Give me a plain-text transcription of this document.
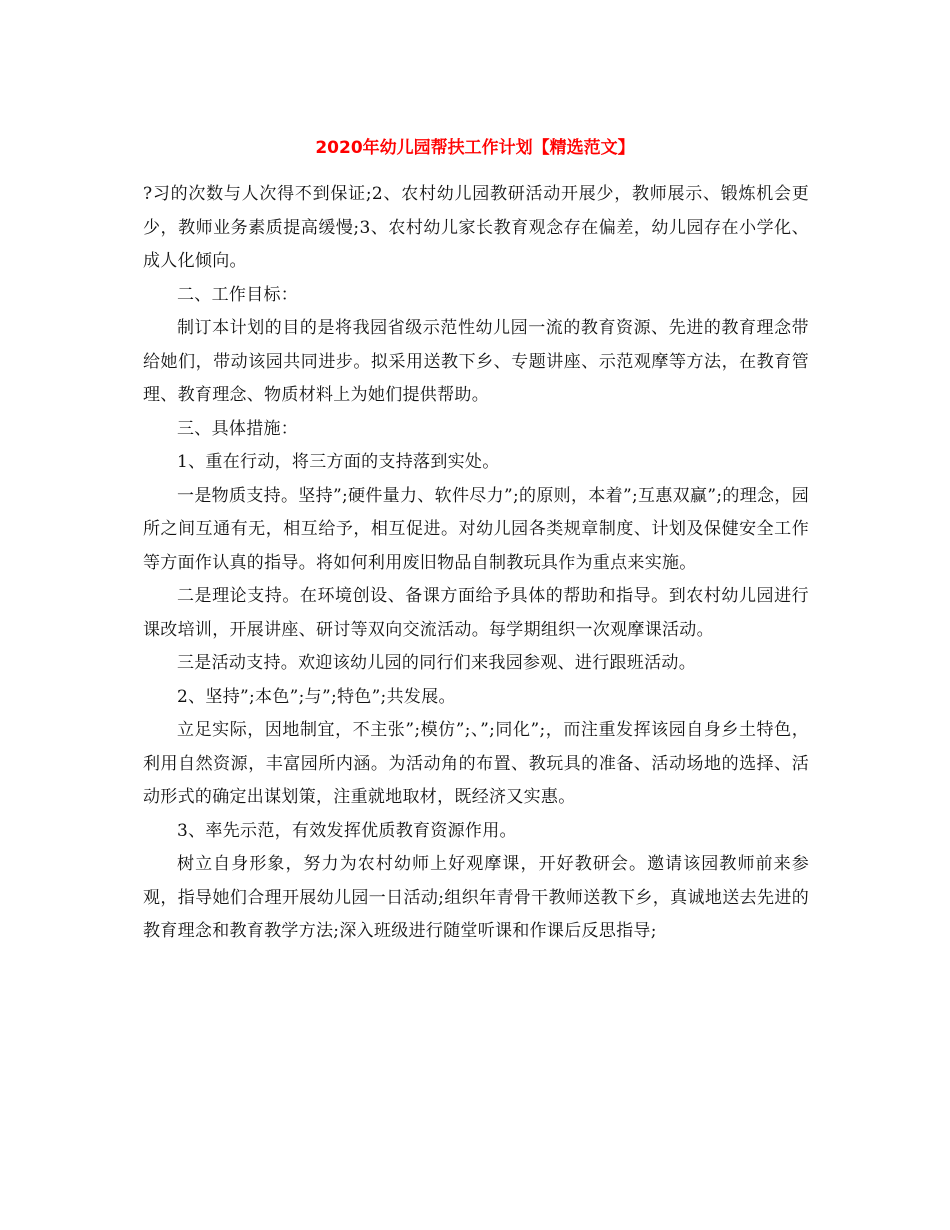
2020年幼儿园帮扶工作计划【精选范文】

?习的次数与人次得不到保证;2、农村幼儿园教研活动开展少，教师展示、锻炼机会更少，教师业务素质提高缓慢;3、农村幼儿家长教育观念存在偏差，幼儿园存在小学化、成人化倾向。

二、工作目标：

制订本计划的目的是将我园省级示范性幼儿园一流的教育资源、先进的教育理念带给她们，带动该园共同进步。拟采用送教下乡、专题讲座、示范观摩等方法，在教育管理、教育理念、物质材料上为她们提供帮助。

三、具体措施：

1、重在行动，将三方面的支持落到实处。

一是物质支持。坚持”;硬件量力、软件尽力”;的原则，本着”;互惠双赢”;的理念，园所之间互通有无，相互给予，相互促进。对幼儿园各类规章制度、计划及保健安全工作等方面作认真的指导。将如何利用废旧物品自制教玩具作为重点来实施。

二是理论支持。在环境创设、备课方面给予具体的帮助和指导。到农村幼儿园进行课改培训，开展讲座、研讨等双向交流活动。每学期组织一次观摩课活动。

三是活动支持。欢迎该幼儿园的同行们来我园参观、进行跟班活动。

2、坚持”;本色”;与”;特色”;共发展。

立足实际，因地制宜，不主张”;模仿”;、”;同化”;，而注重发挥该园自身乡土特色，利用自然资源，丰富园所内涵。为活动角的布置、教玩具的准备、活动场地的选择、活动形式的确定出谋划策，注重就地取材，既经济又实惠。

3、率先示范，有效发挥优质教育资源作用。

树立自身形象，努力为农村幼师上好观摩课，开好教研会。邀请该园教师前来参观，指导她们合理开展幼儿园一日活动;组织年青骨干教师送教下乡，真诚地送去先进的教育理念和教育教学方法;深入班级进行随堂听课和作课后反思指导;
